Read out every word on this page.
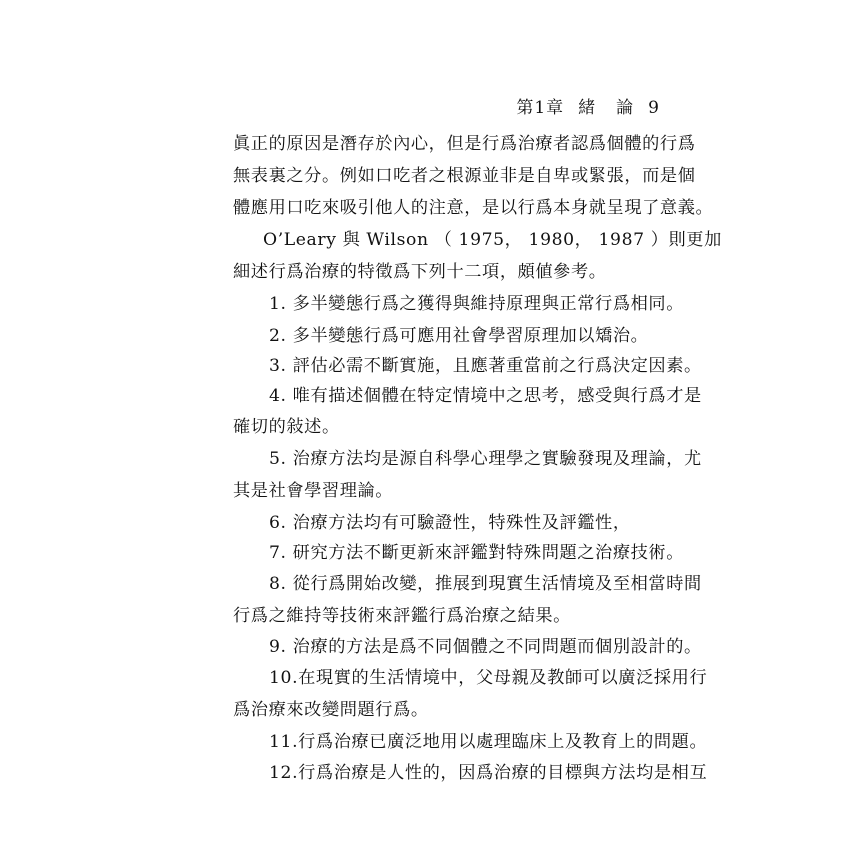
第1章 緒 論 9
眞正的原因是潛存於內心，但是行爲治療者認爲個體的行爲
無表裏之分。例如口吃者之根源並非是自卑或緊張，而是個
體應用口吃來吸引他人的注意，是以行爲本身就呈現了意義。
O’Leary 與 Wilson （ 1975， 1980， 1987 ）則更加
細述行爲治療的特徵爲下列十二項，頗値參考。
1. 多半變態行爲之獲得與維持原理與正常行爲相同。
2. 多半變態行爲可應用社會學習原理加以矯治。
3. 評估必需不斷實施，且應著重當前之行爲決定因素。
4. 唯有描述個體在特定情境中之思考，感受與行爲才是
確切的敍述。
5. 治療方法均是源自科學心理學之實驗發現及理論，尤
其是社會學習理論。
6. 治療方法均有可驗證性，特殊性及評鑑性，
7. 研究方法不斷更新來評鑑對特殊問題之治療技術。
8. 從行爲開始改變，推展到現實生活情境及至相當時間
行爲之維持等技術來評鑑行爲治療之結果。
9. 治療的方法是爲不同個體之不同問題而個別設計的。
10.在現實的生活情境中，父母親及教師可以廣泛採用行
爲治療來改變問題行爲。
11.行爲治療已廣泛地用以處理臨床上及教育上的問題。
12.行爲治療是人性的，因爲治療的目標與方法均是相互
